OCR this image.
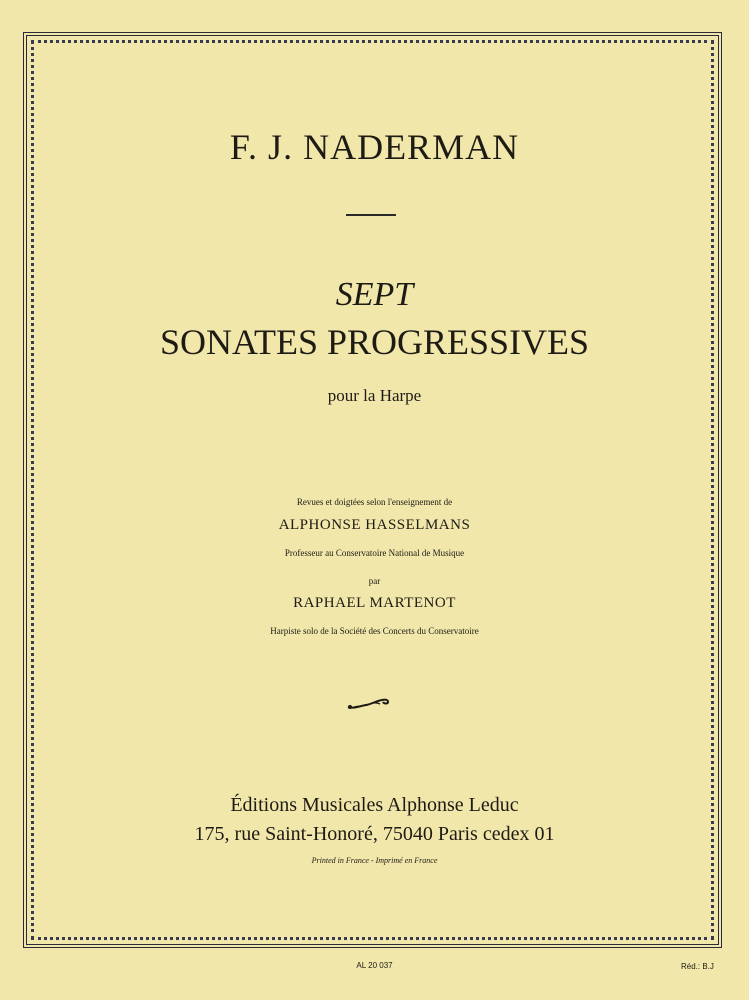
F. J. NADERMAN
SEPT
SONATES PROGRESSIVES
pour la Harpe
Revues et doigtées selon l'enseignement de
ALPHONSE HASSELMANS
Professeur au Conservatoire National de Musique
par
RAPHAEL MARTENOT
Harpiste solo de la Société des Concerts du Conservatoire
Éditions Musicales Alphonse Leduc
175, rue Saint-Honoré, 75040 Paris cedex 01
Printed in France - Imprimé en France
AL 20 037	Réd.: B.J
